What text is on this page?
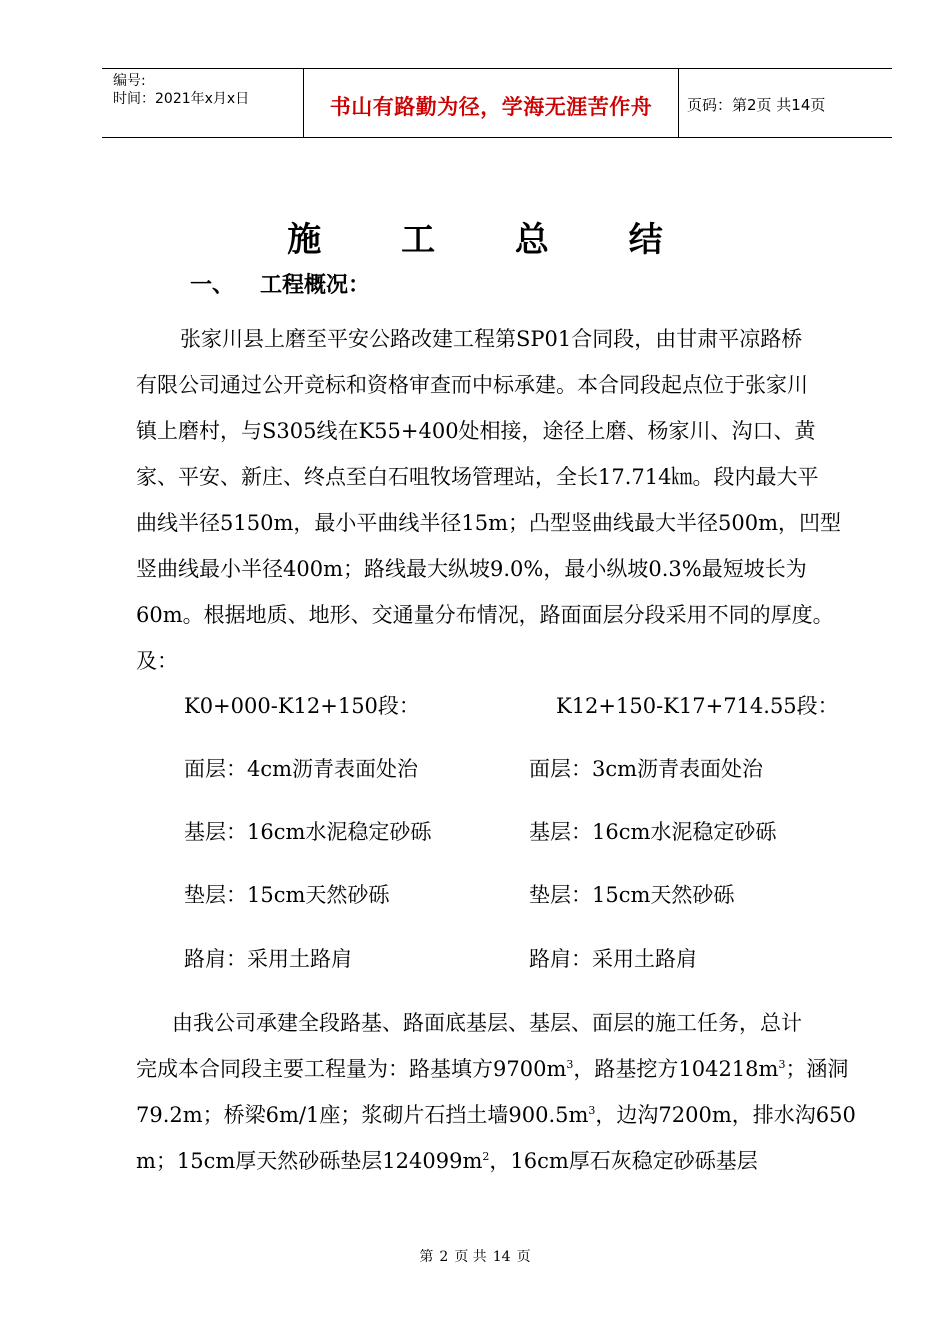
编号:
时间：2021年x月x日	书山有路勤为径，学海无涯苦作舟	页码：第2页 共14页
施 工 总 结
一、 工程概况：
张家川县上磨至平安公路改建工程第SP01合同段，由甘肃平凉路桥
有限公司通过公开竞标和资格审查而中标承建。本合同段起点位于张家川
镇上磨村，与S305线在K55+400处相接，途径上磨、杨家川、沟口、黄
家、平安、新庄、终点至白石咀牧场管理站，全长17.714㎞。段内最大平
曲线半径5150m，最小平曲线半径15m；凸型竖曲线最大半径500m，凹型
竖曲线最小半径400m；路线最大纵坡9.0%，最小纵坡0.3%最短坡长为
60m。根据地质、地形、交通量分布情况，路面面层分段采用不同的厚度。
及：
K0+000-K12+150段：	K12+150-K17+714.55段：
面层：4cm沥青表面处治	面层：3cm沥青表面处治
基层：16cm水泥稳定砂砾	基层：16cm水泥稳定砂砾
垫层：15cm天然砂砾	垫层：15cm天然砂砾
路肩：采用土路肩	路肩：采用土路肩
由我公司承建全段路基、路面底基层、基层、面层的施工任务，总计
完成本合同段主要工程量为：路基填方$9700m^3$，路基挖方$104218m^3$；涵洞
79.2m；桥梁6m/1座；浆砌片石挡土墙$900.5m^3$，边沟7200m，排水沟650
m；15cm厚天然砂砾垫层$124099m^2$，16cm厚石灰稳定砂砾基层
第 2 页 共 14 页
